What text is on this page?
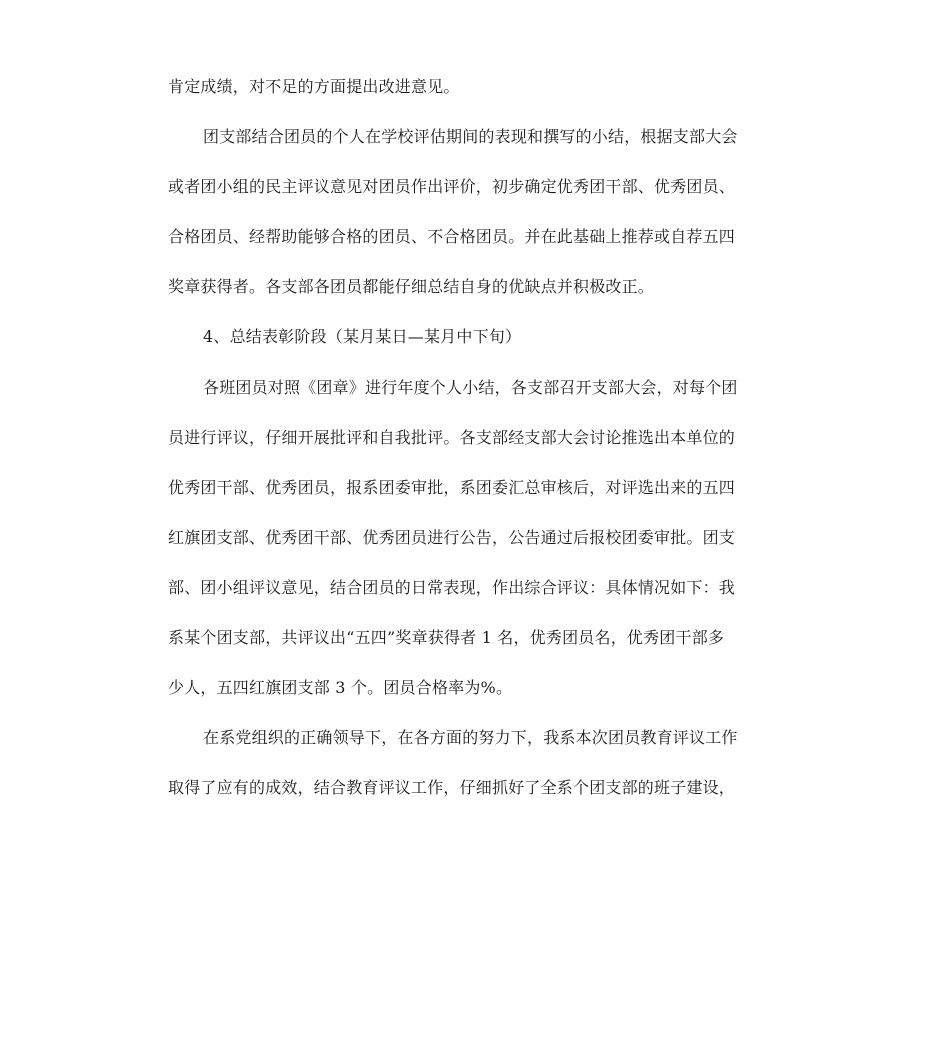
肯定成绩，对不足的方面提出改进意见。
团支部结合团员的个人在学校评估期间的表现和撰写的小结，根据支部大会
或者团小组的民主评议意见对团员作出评价，初步确定优秀团干部、优秀团员、
合格团员、经帮助能够合格的团员、不合格团员。并在此基础上推荐或自荐五四
奖章获得者。各支部各团员都能仔细总结自身的优缺点并积极改正。
4、总结表彰阶段（某月某日—某月中下旬）
各班团员对照《团章》进行年度个人小结，各支部召开支部大会，对每个团
员进行评议，仔细开展批评和自我批评。各支部经支部大会讨论推选出本单位的
优秀团干部、优秀团员，报系团委审批，系团委汇总审核后，对评选出来的五四
红旗团支部、优秀团干部、优秀团员进行公告，公告通过后报校团委审批。团支
部、团小组评议意见，结合团员的日常表现，作出综合评议：具体情况如下：我
系某个团支部，共评议出“五四”奖章获得者 1 名，优秀团员名，优秀团干部多
少人，五四红旗团支部 3 个。团员合格率为%。
在系党组织的正确领导下，在各方面的努力下，我系本次团员教育评议工作
取得了应有的成效，结合教育评议工作，仔细抓好了全系个团支部的班子建设，
